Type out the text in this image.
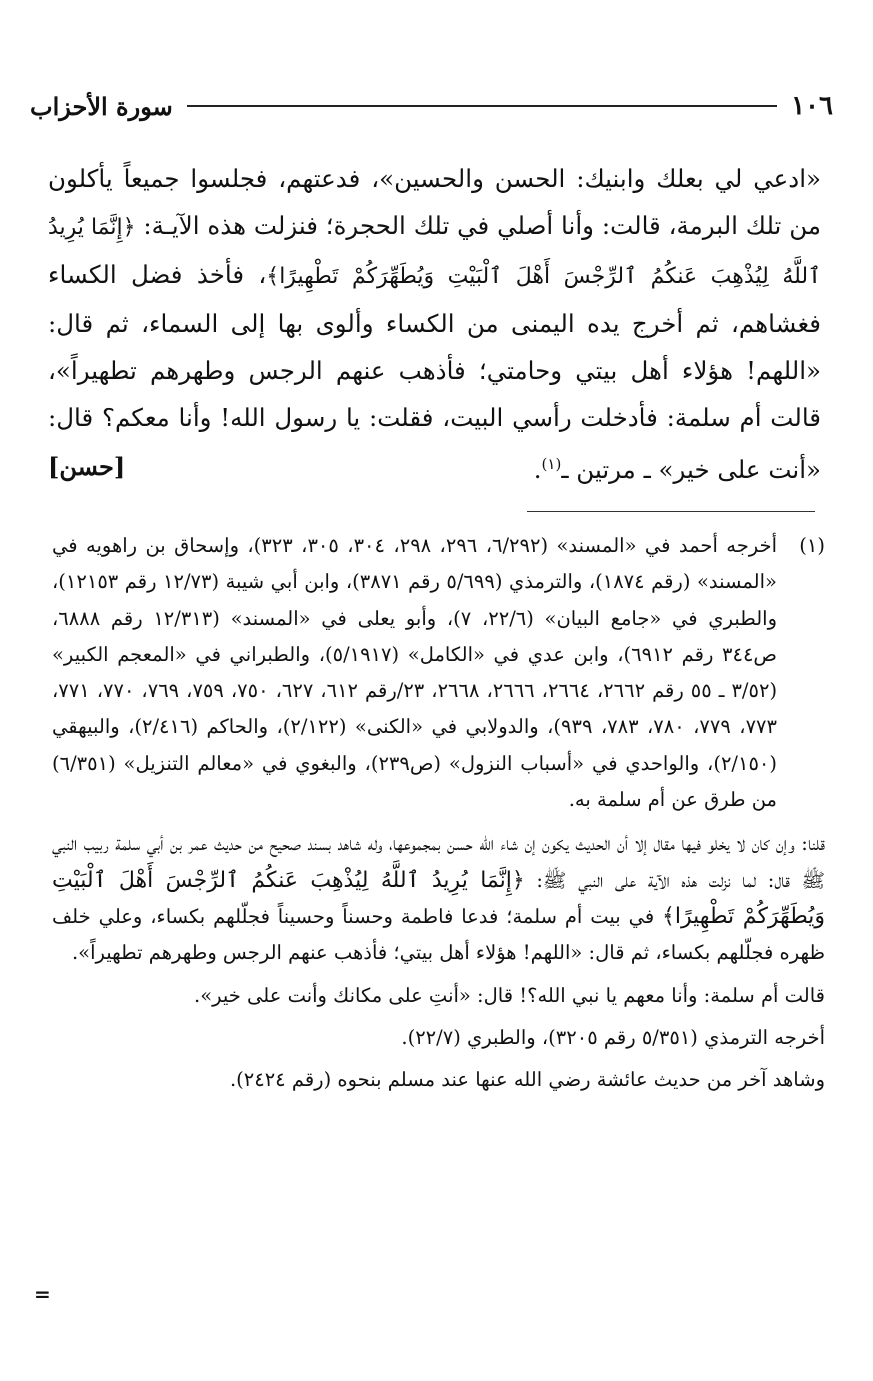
١٠٦
سورة الأحزاب

«ادعي لي بعلك وابنيك: الحسن والحسين»، فدعتهم، فجلسوا جميعاً يأكلون من تلك البرمة، قالت: وأنا أصلي في تلك الحجرة؛ فنزلت هذه الآيـة: ﴿إِنَّمَا يُرِيدُ ٱللَّهُ لِيُذْهِبَ عَنكُمُ ٱلرِّجْسَ أَهْلَ ٱلْبَيْتِ وَيُطَهِّرَكُمْ تَطْهِيرًا﴾، فأخذ فضل الكساء فغشاهم، ثم أخرج يده اليمنى من الكساء وألوى بها إلى السماء، ثم قال: «اللهم! هؤلاء أهل بيتي وحامتي؛ فأذهب عنهم الرجس وطهرهم تطهيراً»، قالت أم سلمة: فأدخلت رأسي البيت، فقلت: يا رسول الله! وأنا معكم؟ قال: «أنت على خير» ـ مرتين ـ$^{(١)}$.
[حسن]

(١)
أخرجه أحمد في «المسند» (٦/٢٩٢، ٢٩٦، ٢٩٨، ٣٠٤، ٣٠٥، ٣٢٣)، وإسحاق بن راهويه في «المسند» (رقم ١٨٧٤)، والترمذي (٥/٦٩٩ رقم ٣٨٧١)، وابن أبي شيبة (١٢/٧٣ رقم ١٢١٥٣)، والطبري في «جامع البيان» (٢٢/٦، ٧)، وأبو يعلى في «المسند» (١٢/٣١٣ رقم ٦٨٨٨، ص٣٤٤ رقم ٦٩١٢)، وابن عدي في «الكامل» (٥/١٩١٧)، والطبراني في «المعجم الكبير» (٣/٥٢ ـ ٥٥ رقم ٢٦٦٢، ٢٦٦٤، ٢٦٦٦، ٢٦٦٨، ٢٣/رقم ٦١٢، ٦٢٧، ٧٥٠، ٧٥٩، ٧٦٩، ٧٧٠، ٧٧١، ٧٧٣، ٧٧٩، ٧٨٠، ٧٨٣، ٩٣٩)، والدولابي في «الكنى» (٢/١٢٢)، والحاكم (٢/٤١٦)، والبيهقي (٢/١٥٠)، والواحدي في «أسباب النزول» (ص٢٣٩)، والبغوي في «معالم التنزيل» (٦/٣٥١) من طرق عن أم سلمة به.

قلنا: وإن كان لا يخلو فيها مقال إلا أن الحديث يكون إن شاء الله حسن بمجموعها، وله شاهد بسند صحيح من حديث عمر بن أبي سلمة ربيب النبي ﷺ قال: لما نزلت هذه الآية على النبي ﷺ: ﴿إِنَّمَا يُرِيدُ ٱللَّهُ لِيُذْهِبَ عَنكُمُ ٱلرِّجْسَ أَهْلَ ٱلْبَيْتِ وَيُطَهِّرَكُمْ تَطْهِيرًا﴾ في بيت أم سلمة؛ فدعا فاطمة وحسناً وحسيناً فجلّلهم بكساء، وعلي خلف ظهره فجلّلهم بكساء، ثم قال: «اللهم! هؤلاء أهل بيتي؛ فأذهب عنهم الرجس وطهرهم تطهيراً».

قالت أم سلمة: وأنا معهم يا نبي الله؟! قال: «أنتِ على مكانك وأنت على خير».

أخرجه الترمذي (٥/٣٥١ رقم ٣٢٠٥)، والطبري (٢٢/٧).

وشاهد آخر من حديث عائشة رضي الله عنها عند مسلم بنحوه (رقم ٢٤٢٤).

=
